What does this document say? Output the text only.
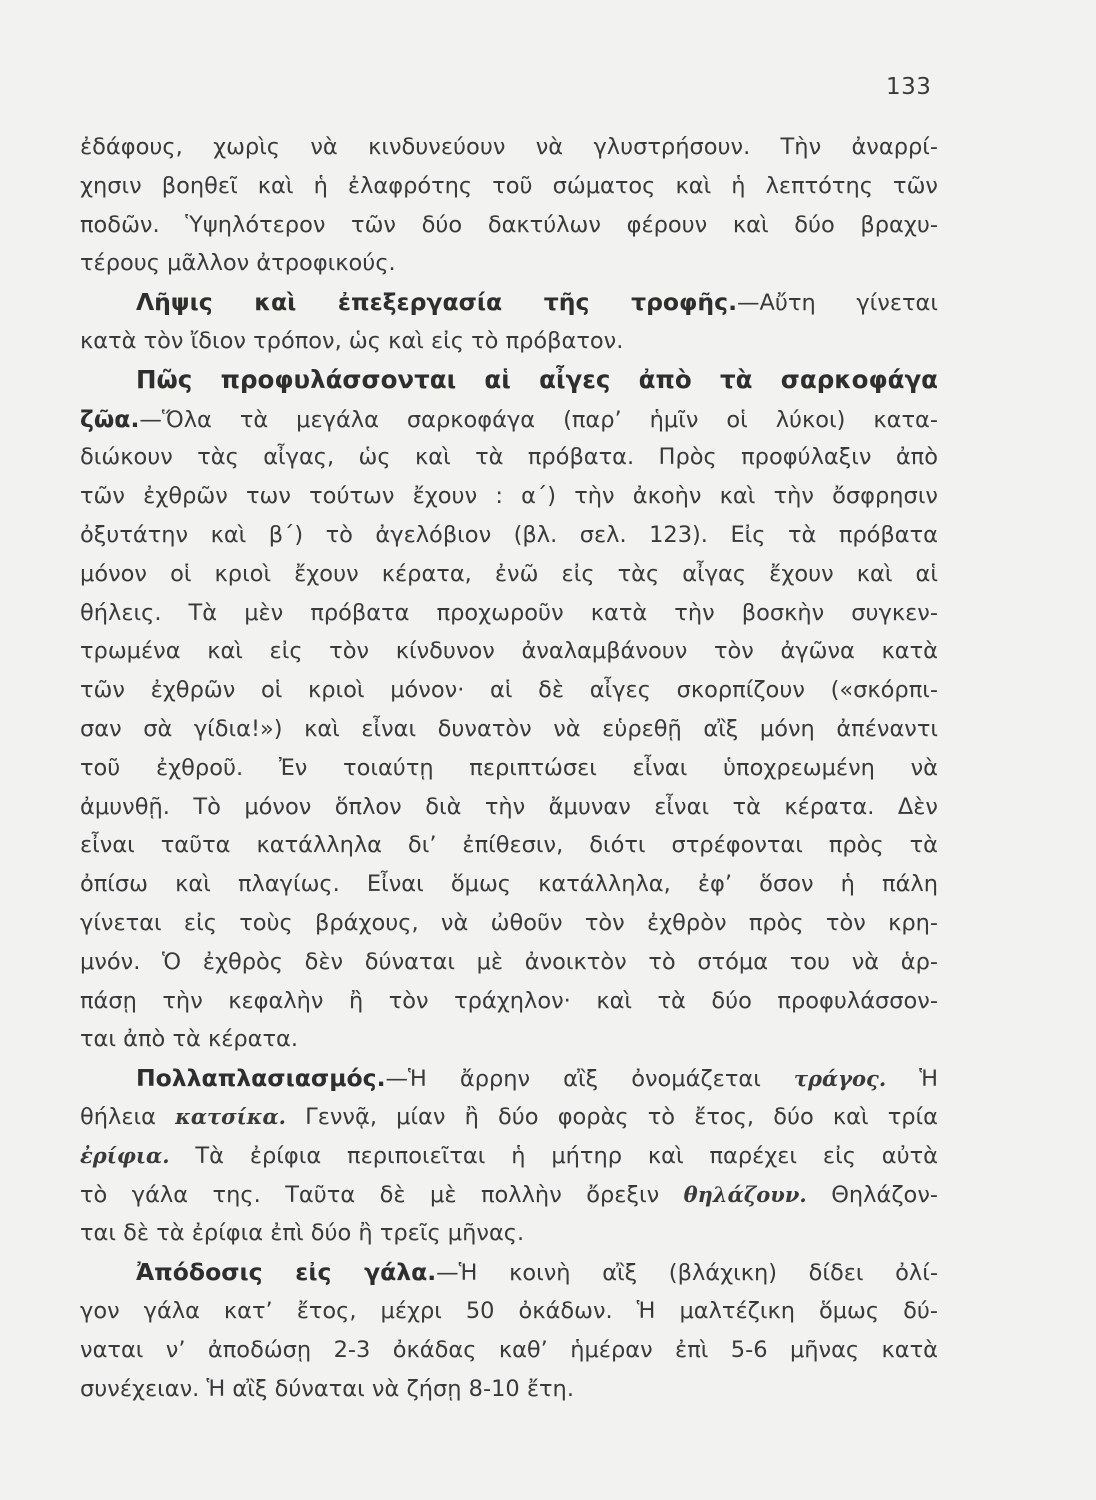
133
ἐδάφους, χωρὶς νὰ κινδυνεύουν νὰ γλυστρήσουν. Τὴν ἀναρρί-
χησιν βοηθεῖ καὶ ἡ ἐλαφρότης τοῦ σώματος καὶ ἡ λεπτότης τῶν
ποδῶν. Ὑψηλότερον τῶν δύο δακτύλων φέρουν καὶ δύο βραχυ-
τέρους μᾶλλον ἀτροφικούς.
Λῆψις καὶ ἐπεξεργασία τῆς τροφῆς.—Αὔτη γίνεται
κατὰ τὸν ἴδιον τρόπον, ὡς καὶ εἰς τὸ πρόβατον.
Πῶς προφυλάσσονται αἱ αἶγες ἀπὸ τὰ σαρκοφάγα
ζῶα.—Ὅλα τὰ μεγάλα σαρκοφάγα (παρ’ ἡμῖν οἱ λύκοι) κατα-
διώκουν τὰς αἶγας, ὡς καὶ τὰ πρόβατα. Πρὸς προφύλαξιν ἀπὸ
τῶν ἐχθρῶν των τούτων ἔχουν : α΄) τὴν ἀκοὴν καὶ τὴν ὄσφρησιν
ὀξυτάτην καὶ β΄) τὸ ἀγελόβιον (βλ. σελ. 123). Εἰς τὰ πρόβατα
μόνον οἱ κριοὶ ἔχουν κέρατα, ἐνῶ εἰς τὰς αἶγας ἔχουν καὶ αἱ
θήλεις. Τὰ μὲν πρόβατα προχωροῦν κατὰ τὴν βοσκὴν συγκεν-
τρωμένα καὶ εἰς τὸν κίνδυνον ἀναλαμβάνουν τὸν ἀγῶνα κατὰ
τῶν ἐχθρῶν οἱ κριοὶ μόνον· αἱ δὲ αἶγες σκορπίζουν («σκόρπι-
σαν σὰ γίδια!») καὶ εἶναι δυνατὸν νὰ εὑρεθῇ αἲξ μόνη ἀπέναντι
τοῦ ἐχθροῦ. Ἐν τοιαύτῃ περιπτώσει εἶναι ὑποχρεωμένη νὰ
ἀμυνθῇ. Τὸ μόνον ὅπλον διὰ τὴν ἄμυναν εἶναι τὰ κέρατα. Δὲν
εἶναι ταῦτα κατάλληλα δι’ ἐπίθεσιν, διότι στρέφονται πρὸς τὰ
ὀπίσω καὶ πλαγίως. Εἶναι ὅμως κατάλληλα, ἐφ’ ὅσον ἡ πάλη
γίνεται εἰς τοὺς βράχους, νὰ ὠθοῦν τὸν ἐχθρὸν πρὸς τὸν κρη-
μνόν. Ὁ ἐχθρὸς δὲν δύναται μὲ ἀνοικτὸν τὸ στόμα του νὰ ἁρ-
πάσῃ τὴν κεφαλὴν ἢ τὸν τράχηλον· καὶ τὰ δύο προφυλάσσον-
ται ἀπὸ τὰ κέρατα.
Πολλαπλασιασμός.—Ἡ ἄρρην αἲξ ὀνομάζεται τράγος. Ἡ
θήλεια κατσίκα. Γεννᾷ, μίαν ἢ δύο φορὰς τὸ ἔτος, δύο καὶ τρία
ἐρίφια. Τὰ ἐρίφια περιποιεῖται ἡ μήτηρ καὶ παρέχει εἰς αὐτὰ
τὸ γάλα της. Ταῦτα δὲ μὲ πολλὴν ὄρεξιν θηλάζουν. Θηλάζον-
ται δὲ τὰ ἐρίφια ἐπὶ δύο ἢ τρεῖς μῆνας.
Ἀπόδοσις εἰς γάλα.—Ἡ κοινὴ αἲξ (βλάχικη) δίδει ὀλί-
γον γάλα κατ’ ἔτος, μέχρι 50 ὀκάδων. Ἡ μαλτέζικη ὅμως δύ-
ναται ν’ ἀποδώσῃ 2-3 ὀκάδας καθ’ ἡμέραν ἐπὶ 5-6 μῆνας κατὰ
συνέχειαν. Ἡ αἲξ δύναται νὰ ζήσῃ 8-10 ἔτη.
